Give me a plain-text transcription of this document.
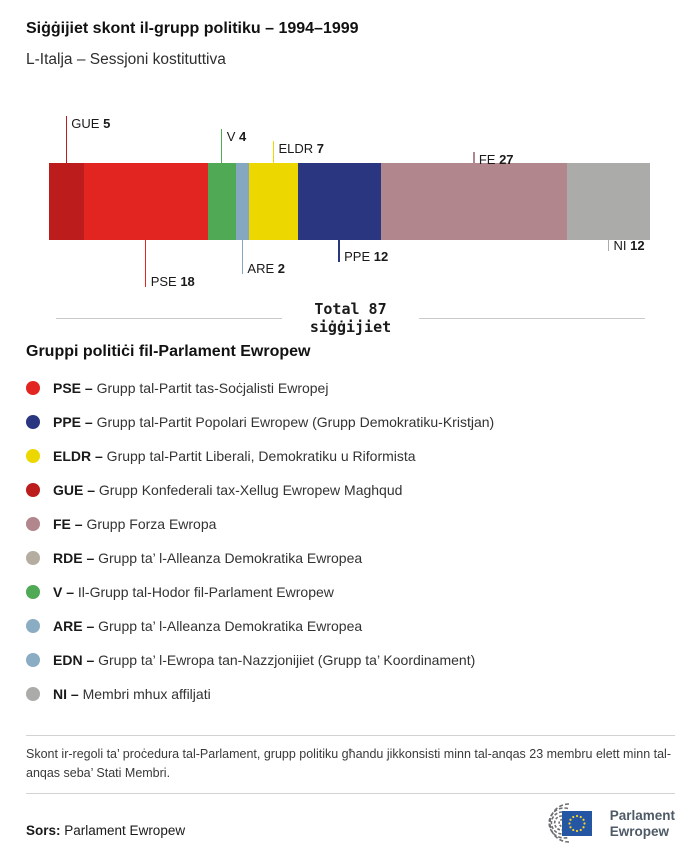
Siġġijiet skont il-grupp politiku – 1994–1999
L-Italja – Sessjoni kostituttiva
GUE 5
PSE 18
V 4
ARE 2
ELDR 7
PPE 12
FE 27
NI 12
Total 87
siġġijiet
Gruppi politiċi fil-Parlament Ewropew
PSE – Grupp tal-Partit tas-Soċjalisti Ewropej
PPE – Grupp tal-Partit Popolari Ewropew (Grupp Demokratiku-Kristjan)
ELDR – Grupp tal-Partit Liberali, Demokratiku u Riformista
GUE – Grupp Konfederali tax-Xellug Ewropew Maghqud
FE – Grupp Forza Ewropa
RDE – Grupp ta’ l-Alleanza Demokratika Ewropea
V – Il-Grupp tal-Hodor fil-Parlament Ewropew
ARE – Grupp ta’ l-Alleanza Demokratika Ewropea
EDN – Grupp ta’ l-Ewropa tan-Nazzjonijiet (Grupp ta’ Koordinament)
NI – Membri mhux affiljati
Skont ir-regoli ta’ proċedura tal-Parlament, grupp politiku għandu jikkonsisti minn tal-anqas 23 membru elett minn tal-anqas seba’ Stati Membri.
Sors: Parlament Ewropew
Parlament
Ewropew
